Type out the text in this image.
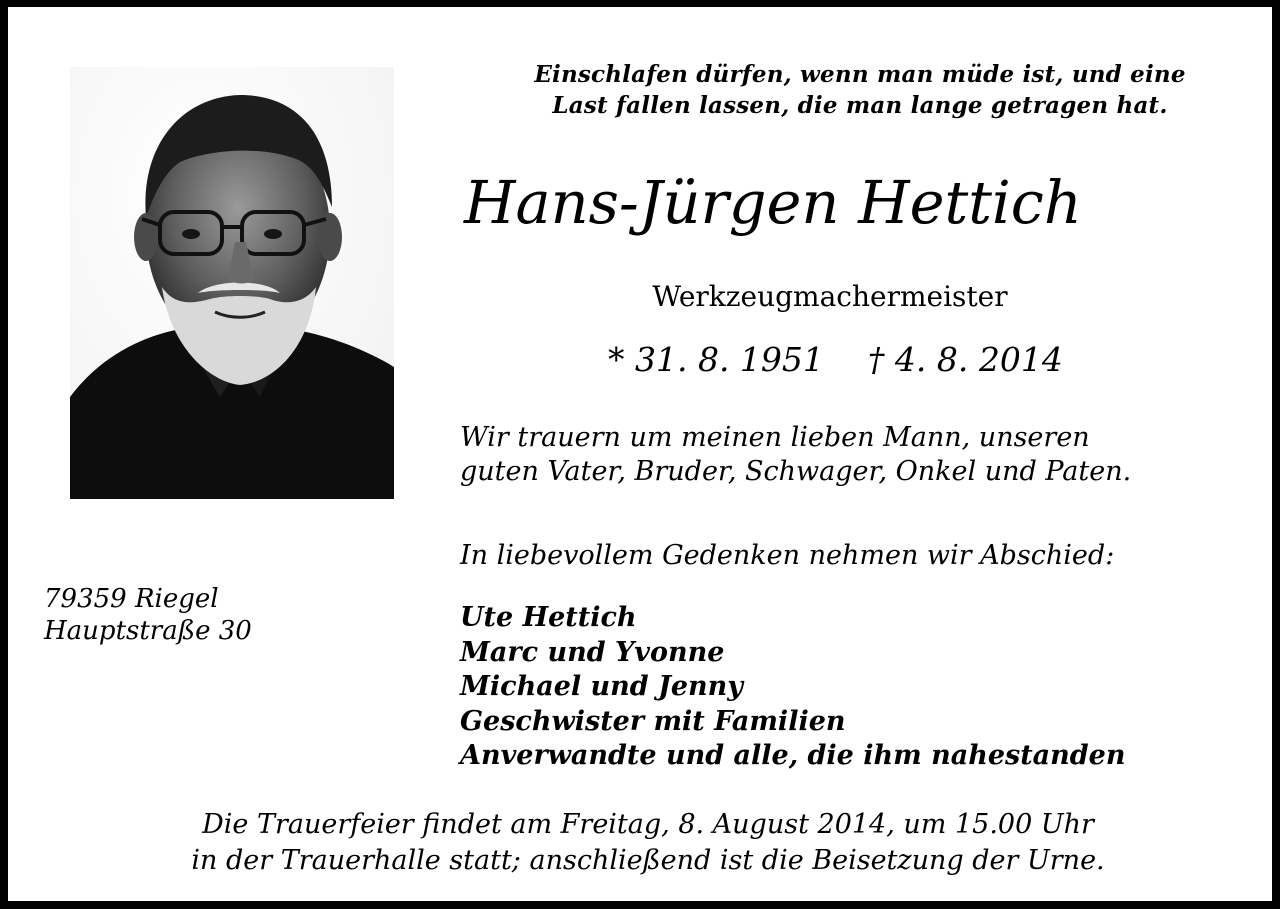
Einschlafen dürfen, wenn man müde ist, und eine
Last fallen lassen, die man lange getragen hat.
Hans-Jürgen Hettich
Werkzeugmachermeister
* 31. 8. 1951 † 4. 8. 2014
Wir trauern um meinen lieben Mann, unseren
guten Vater, Bruder, Schwager, Onkel und Paten.
In liebevollem Gedenken nehmen wir Abschied:
Ute Hettich
Marc und Yvonne
Michael und Jenny
Geschwister mit Familien
Anverwandte und alle, die ihm nahestanden
79359 Riegel
Hauptstraße 30
Die Trauerfeier findet am Freitag, 8. August 2014, um 15.00 Uhr
in der Trauerhalle statt; anschließend ist die Beisetzung der Urne.
